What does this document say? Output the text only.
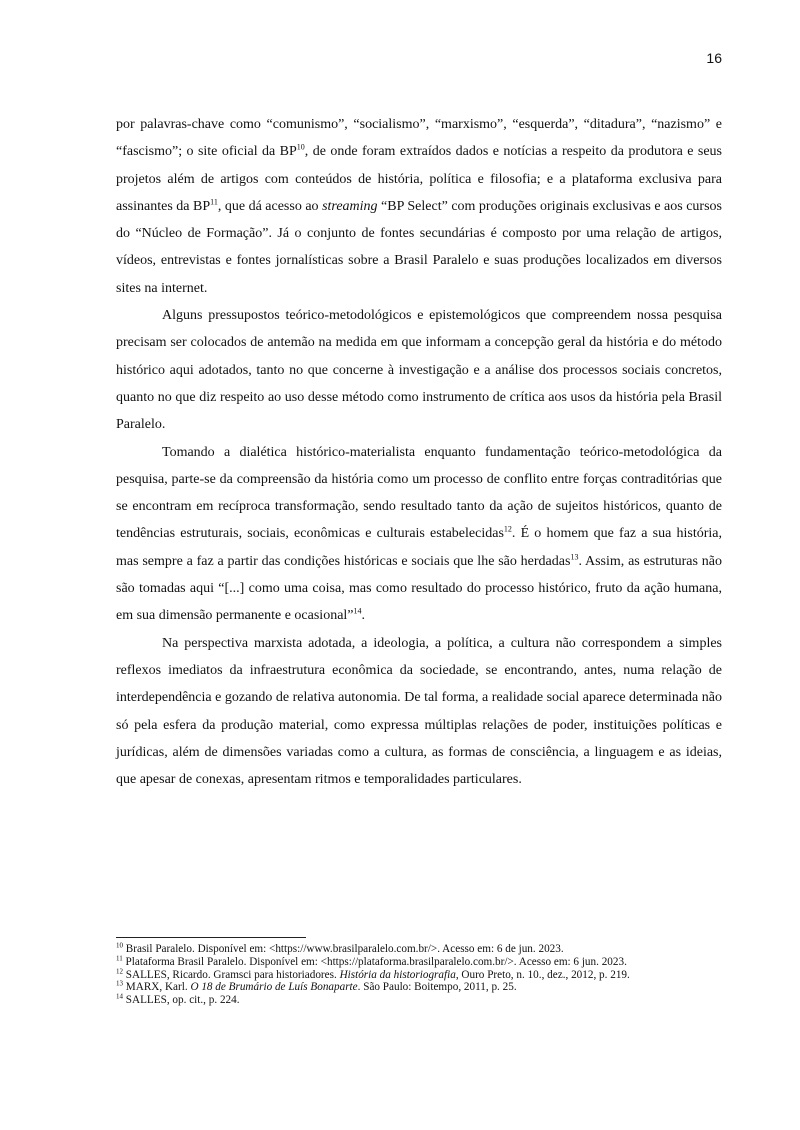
16

por palavras-chave como “comunismo”, “socialismo”, “marxismo”, “esquerda”, “ditadura”, “nazismo” e “fascismo”; o site oficial da BP$^{10}$, de onde foram extraídos dados e notícias a respeito da produtora e seus projetos além de artigos com conteúdos de história, política e filosofia; e a plataforma exclusiva para assinantes da BP$^{11}$, que dá acesso ao streaming “BP Select” com produções originais exclusivas e aos cursos do “Núcleo de Formação”. Já o conjunto de fontes secundárias é composto por uma relação de artigos, vídeos, entrevistas e fontes jornalísticas sobre a Brasil Paralelo e suas produções localizados em diversos sites na internet.

Alguns pressupostos teórico-metodológicos e epistemológicos que compreendem nossa pesquisa precisam ser colocados de antemão na medida em que informam a concepção geral da história e do método histórico aqui adotados, tanto no que concerne à investigação e a análise dos processos sociais concretos, quanto no que diz respeito ao uso desse método como instrumento de crítica aos usos da história pela Brasil Paralelo.

Tomando a dialética histórico-materialista enquanto fundamentação teórico-metodológica da pesquisa, parte-se da compreensão da história como um processo de conflito entre forças contraditórias que se encontram em recíproca transformação, sendo resultado tanto da ação de sujeitos históricos, quanto de tendências estruturais, sociais, econômicas e culturais estabelecidas$^{12}$. É o homem que faz a sua história, mas sempre a faz a partir das condições históricas e sociais que lhe são herdadas$^{13}$. Assim, as estruturas não são tomadas aqui “[...] como uma coisa, mas como resultado do processo histórico, fruto da ação humana, em sua dimensão permanente e ocasional”$^{14}$.

Na perspectiva marxista adotada, a ideologia, a política, a cultura não correspondem a simples reflexos imediatos da infraestrutura econômica da sociedade, se encontrando, antes, numa relação de interdependência e gozando de relativa autonomia. De tal forma, a realidade social aparece determinada não só pela esfera da produção material, como expressa múltiplas relações de poder, instituições políticas e jurídicas, além de dimensões variadas como a cultura, as formas de consciência, a linguagem e as ideias, que apesar de conexas, apresentam ritmos e temporalidades particulares.

$^{10}$ Brasil Paralelo. Disponível em: <https://www.brasilparalelo.com.br/>. Acesso em: 6 de jun. 2023.

$^{11}$ Plataforma Brasil Paralelo. Disponível em: <https://plataforma.brasilparalelo.com.br/>. Acesso em: 6 jun. 2023.

$^{12}$ SALLES, Ricardo. Gramsci para historiadores. História da historiografia, Ouro Preto, n. 10., dez., 2012, p. 219.

$^{13}$ MARX, Karl. O 18 de Brumário de Luís Bonaparte. São Paulo: Boitempo, 2011, p. 25.

$^{14}$ SALLES, op. cit., p. 224.
